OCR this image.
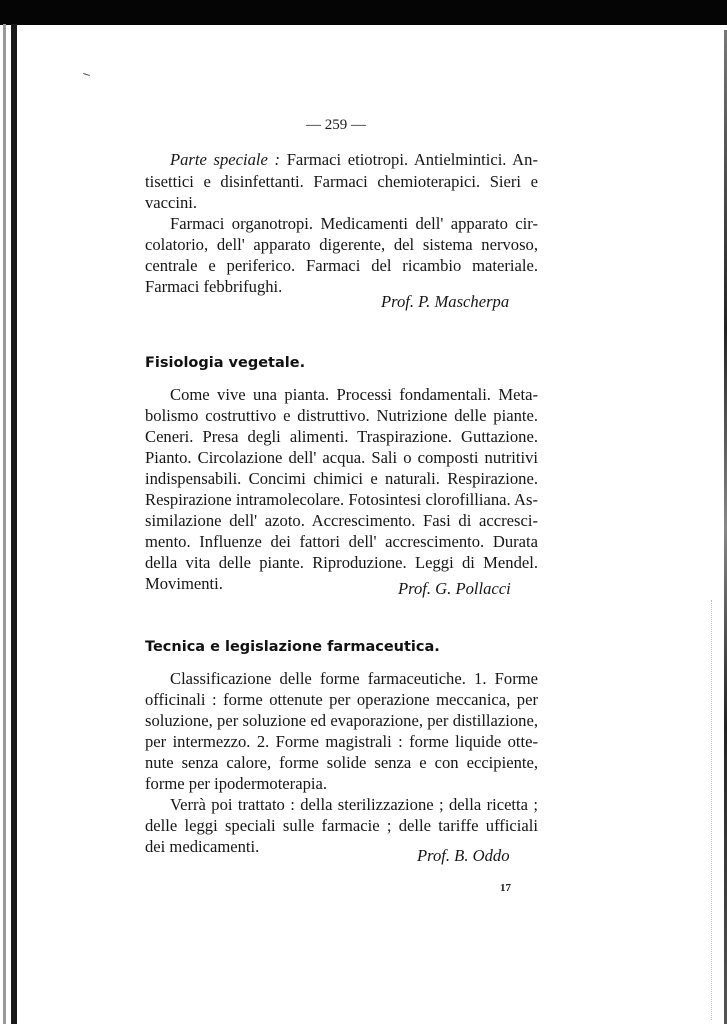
— 259 —
Parte speciale : Farmaci etiotropi. Antielmintici. An-
tisettici e disinfettanti. Farmaci chemioterapici. Sieri e
vaccini.
Farmaci organotropi. Medicamenti dell' apparato cir-
colatorio, dell' apparato digerente, del sistema nervoso,
centrale e periferico. Farmaci del ricambio materiale.
Farmaci febbrifughi.
Prof. P. Mascherpa
Fisiologia vegetale.
Come vive una pianta. Processi fondamentali. Meta-
bolismo costruttivo e distruttivo. Nutrizione delle piante.
Ceneri. Presa degli alimenti. Traspirazione. Guttazione.
Pianto. Circolazione dell' acqua. Sali o composti nutritivi
indispensabili. Concimi chimici e naturali. Respirazione.
Respirazione intramolecolare. Fotosintesi clorofilliana. As-
similazione dell' azoto. Accrescimento. Fasi di accresci-
mento. Influenze dei fattori dell' accrescimento. Durata
della vita delle piante. Riproduzione. Leggi di Mendel.
Movimenti.	Prof. G. Pollacci
Tecnica e legislazione farmaceutica.
Classificazione delle forme farmaceutiche. 1. Forme
officinali : forme ottenute per operazione meccanica, per
soluzione, per soluzione ed evaporazione, per distillazione,
per intermezzo. 2. Forme magistrali : forme liquide otte-
nute senza calore, forme solide senza e con eccipiente,
forme per ipodermoterapia.
Verrà poi trattato : della sterilizzazione ; della ricetta ;
delle leggi speciali sulle farmacie ; delle tariffe ufficiali
dei medicamenti.	Prof. B. Oddo
17
